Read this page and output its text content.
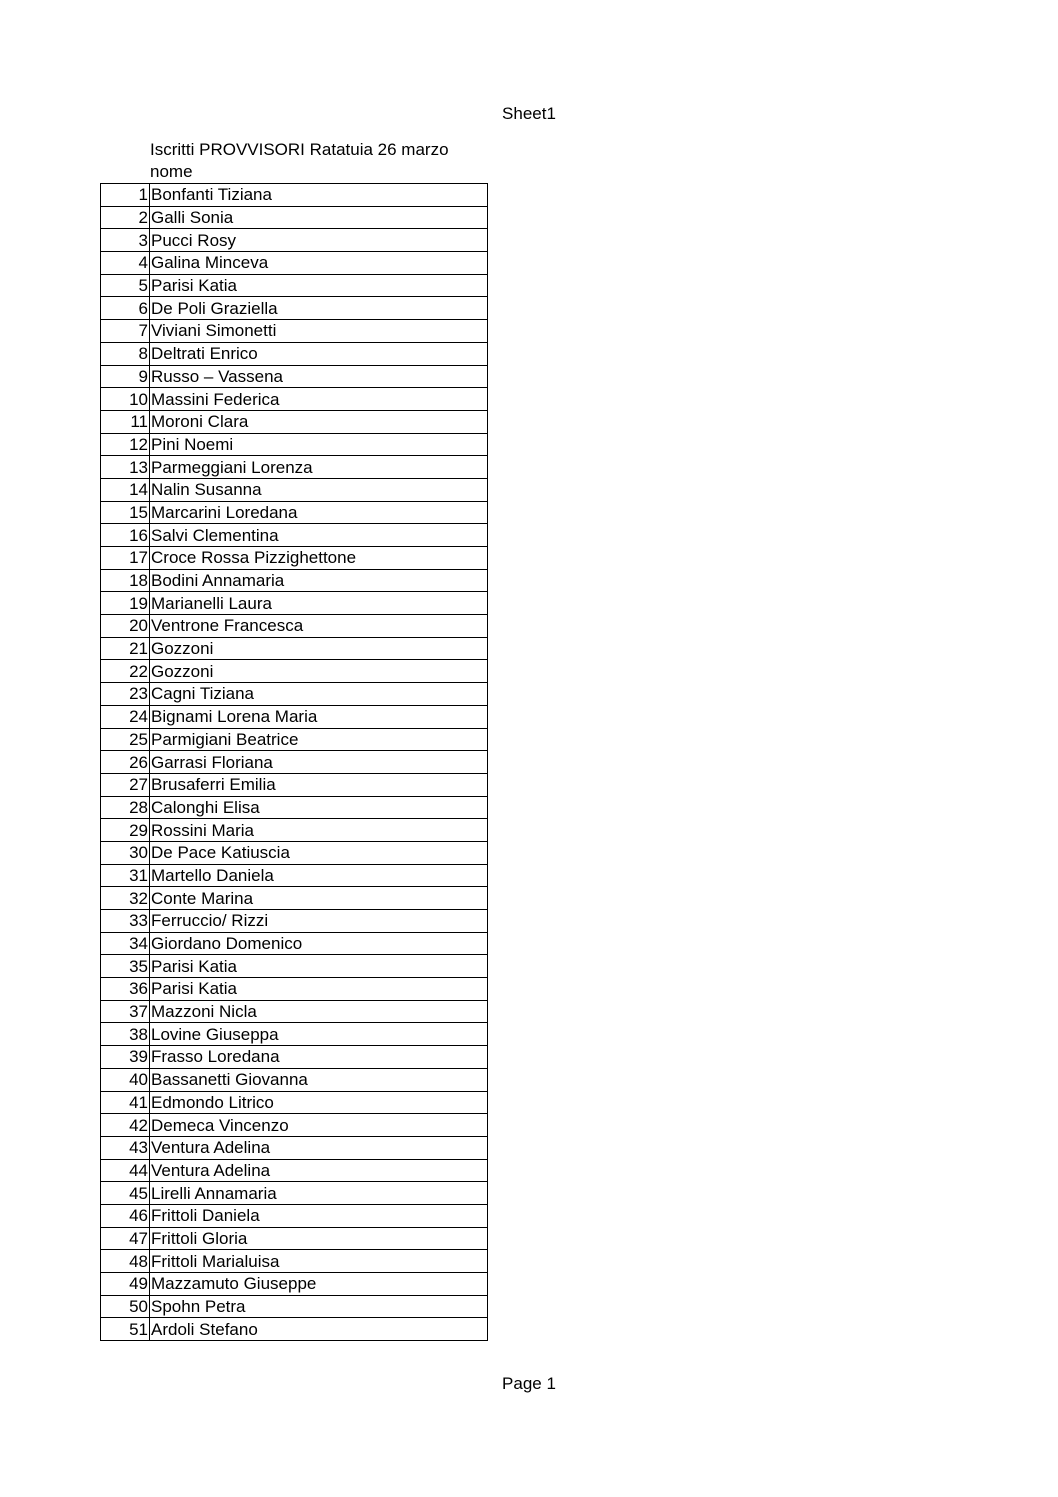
Sheet1
Iscritti PROVVISORI Ratatuia 26 marzo
nome
1	Bonfanti Tiziana
2	Galli Sonia
3	Pucci Rosy
4	Galina Minceva
5	Parisi Katia
6	De Poli Graziella
7	Viviani Simonetti
8	Deltrati Enrico
9	Russo – Vassena
10	Massini Federica
11	Moroni Clara
12	Pini Noemi
13	Parmeggiani Lorenza
14	Nalin Susanna
15	Marcarini Loredana
16	Salvi Clementina
17	Croce Rossa Pizzighettone
18	Bodini Annamaria
19	Marianelli Laura
20	Ventrone Francesca
21	Gozzoni
22	Gozzoni
23	Cagni Tiziana
24	Bignami Lorena Maria
25	Parmigiani Beatrice
26	Garrasi Floriana
27	Brusaferri Emilia
28	Calonghi Elisa
29	Rossini Maria
30	De Pace Katiuscia
31	Martello Daniela
32	Conte Marina
33	Ferruccio/ Rizzi
34	Giordano Domenico
35	Parisi Katia
36	Parisi Katia
37	Mazzoni Nicla
38	Lovine Giuseppa
39	Frasso Loredana
40	Bassanetti Giovanna
41	Edmondo Litrico
42	Demeca Vincenzo
43	Ventura Adelina
44	Ventura Adelina
45	Lirelli Annamaria
46	Frittoli Daniela
47	Frittoli Gloria
48	Frittoli Marialuisa
49	Mazzamuto Giuseppe
50	Spohn Petra
51	Ardoli Stefano
Page 1
